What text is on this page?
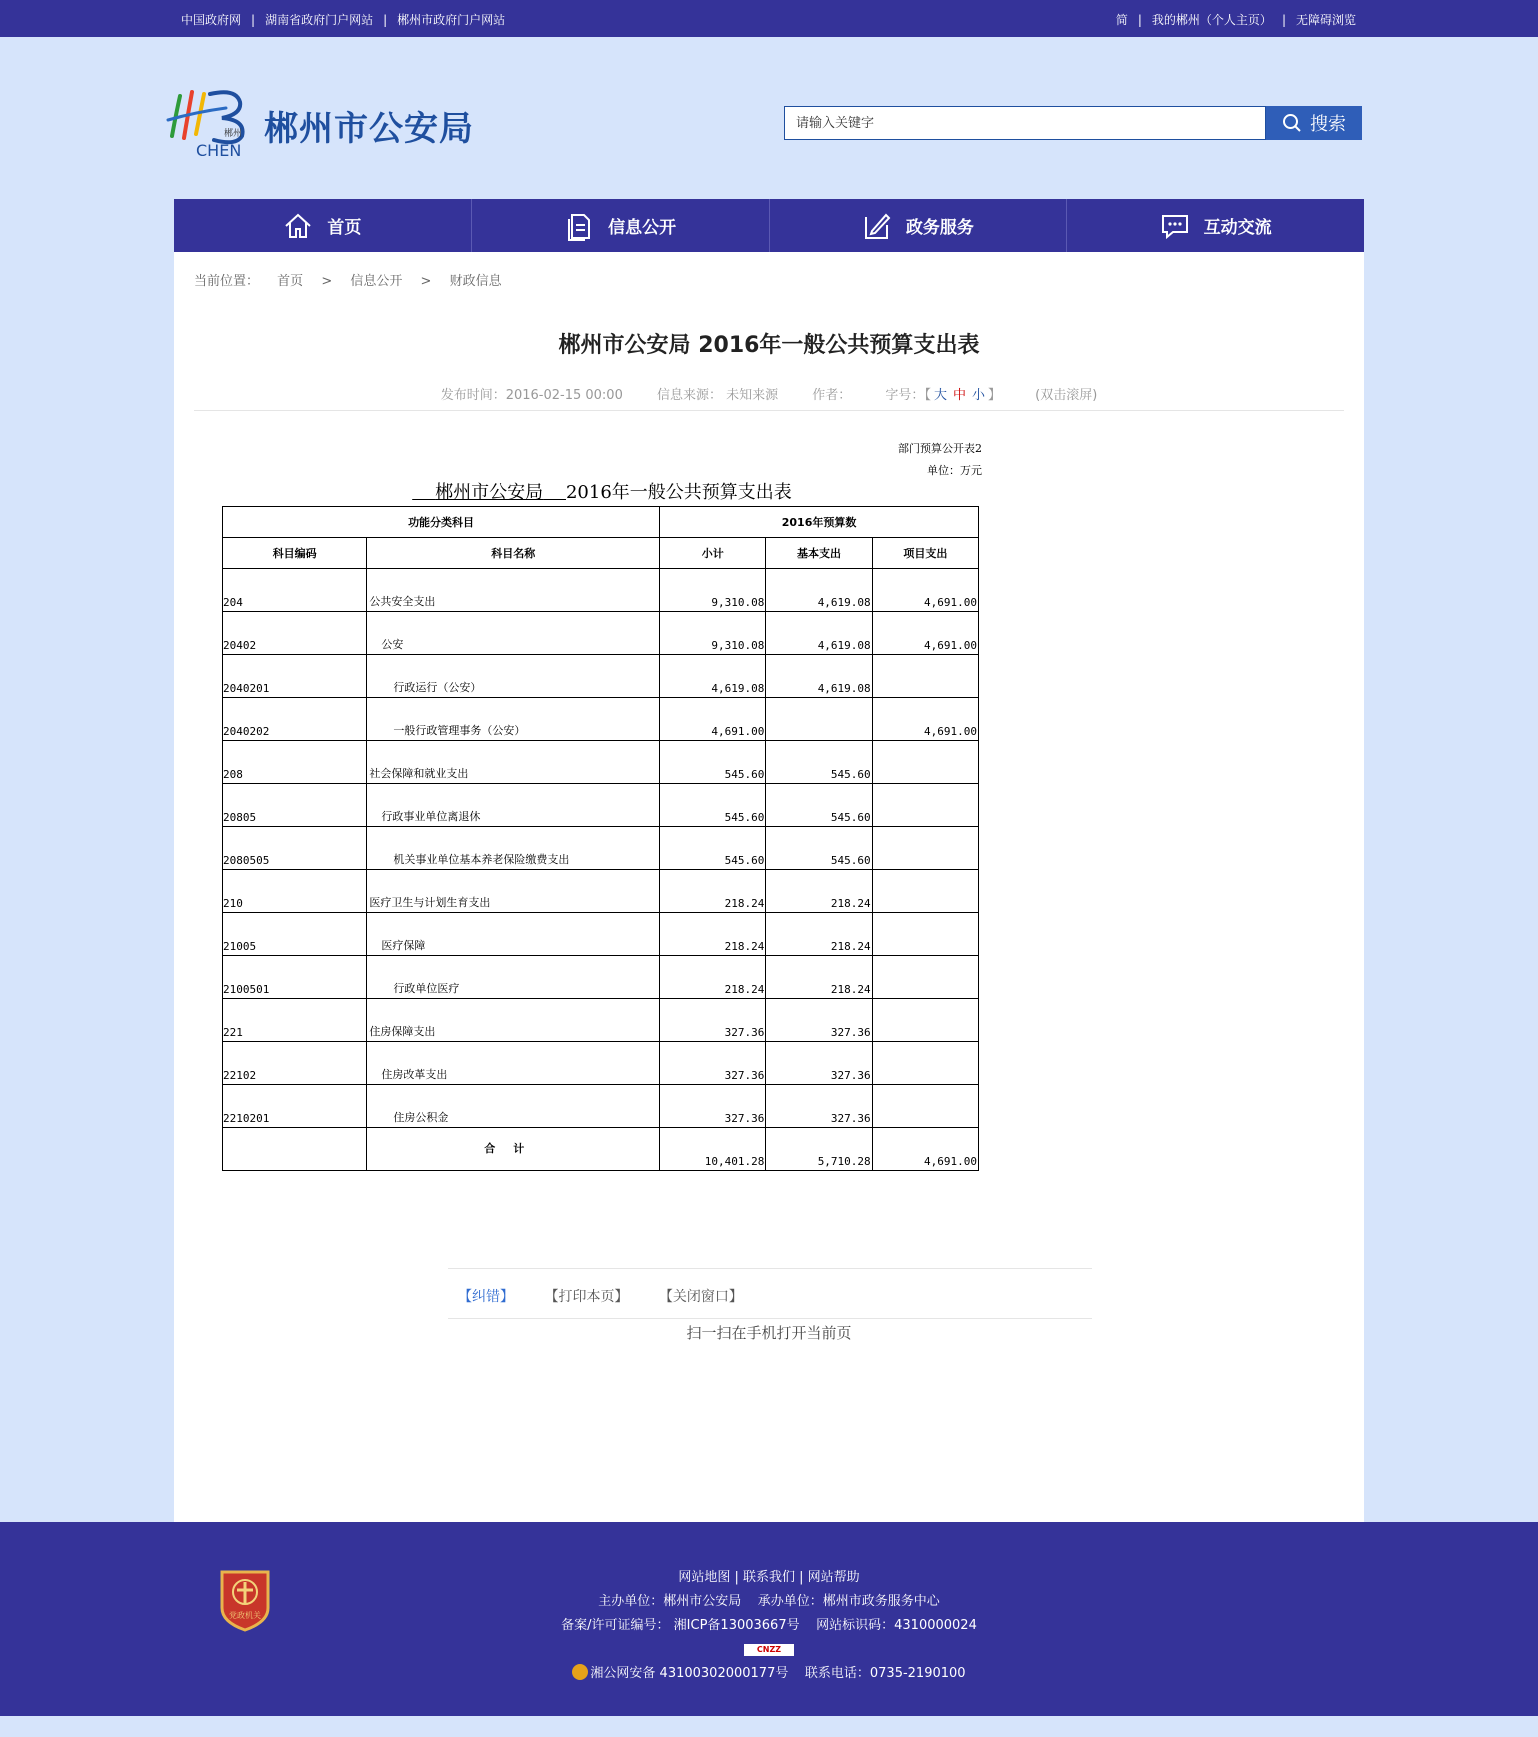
中国政府网 | 湖南省政府门户网站 | 郴州市政府门户网站	简 | 我的郴州（个人主页） | 无障碍浏览
郴州
CHEN
郴州市公安局
请输入关键字	搜索
首页	信息公开	政务服务	互动交流
当前位置： 首页 > 信息公开 > 财政信息
郴州市公安局 2016年一般公共预算支出表
发布时间：2016-02-15 00:00	信息来源： 未知来源	作者：	字号：【 大 中 小 】 (双击滚屏)
部门预算公开表2
单位：万元
郴州市公安局 2016年一般公共预算支出表
功能分类科目		2016年预算数		
科目编码	科目名称	小计	基本支出	项目支出
204	公共安全支出	9,310.08	4,619.08	4,691.00
20402	公安	9,310.08	4,619.08	4,691.00
2040201	行政运行（公安）	4,619.08	4,619.08	
2040202	一般行政管理事务（公安）	4,691.00		4,691.00
208	社会保障和就业支出	545.60	545.60	
20805	行政事业单位离退休	545.60	545.60	
2080505	机关事业单位基本养老保险缴费支出	545.60	545.60	
210	医疗卫生与计划生育支出	218.24	218.24	
21005	医疗保障	218.24	218.24	
2100501	行政单位医疗	218.24	218.24	
221	住房保障支出	327.36	327.36	
22102	住房改革支出	327.36	327.36	
2210201	住房公积金	327.36	327.36	
	合计	10,401.28	5,710.28	4,691.00
【纠错】 【打印本页】 【关闭窗口】
扫一扫在手机打开当前页
党政机关
网站地图 | 联系我们 | 网站帮助
主办单位：郴州市公安局 承办单位：郴州市政务服务中心
备案/许可证编号： 湘ICP备13003667号 网站标识码：4310000024
CNZZ
湘公网安备 43100302000177号 联系电话：0735-2190100
